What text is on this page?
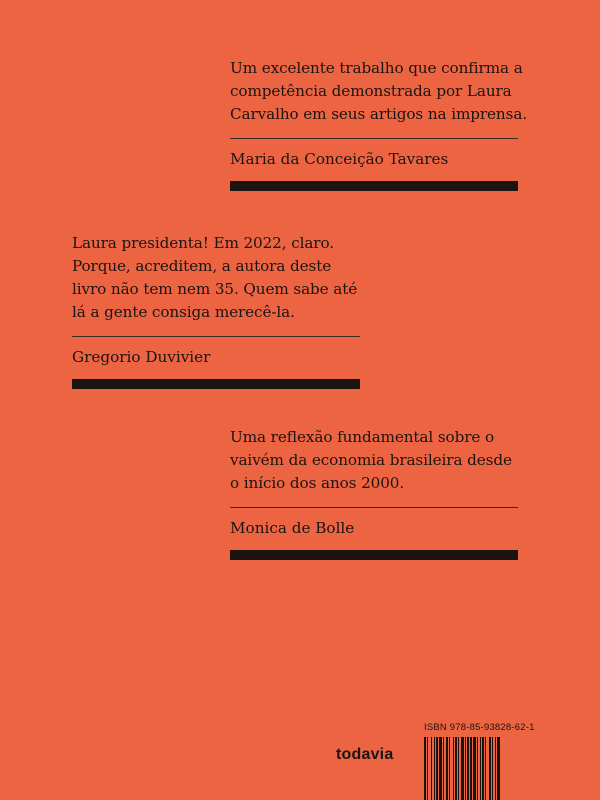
Um excelente trabalho que confirma a
competência demonstrada por Laura
Carvalho em seus artigos na imprensa.

Maria da Conceição Tavares

Laura presidenta! Em 2022, claro.
Porque, acreditem, a autora deste
livro não tem nem 35. Quem sabe até
lá a gente consiga merecê-la.

Gregorio Duvivier

Uma reflexão fundamental sobre o
vaivém da economia brasileira desde
o início dos anos 2000.

Monica de Bolle
todavia
ISBN 978-85-93828-62-1
